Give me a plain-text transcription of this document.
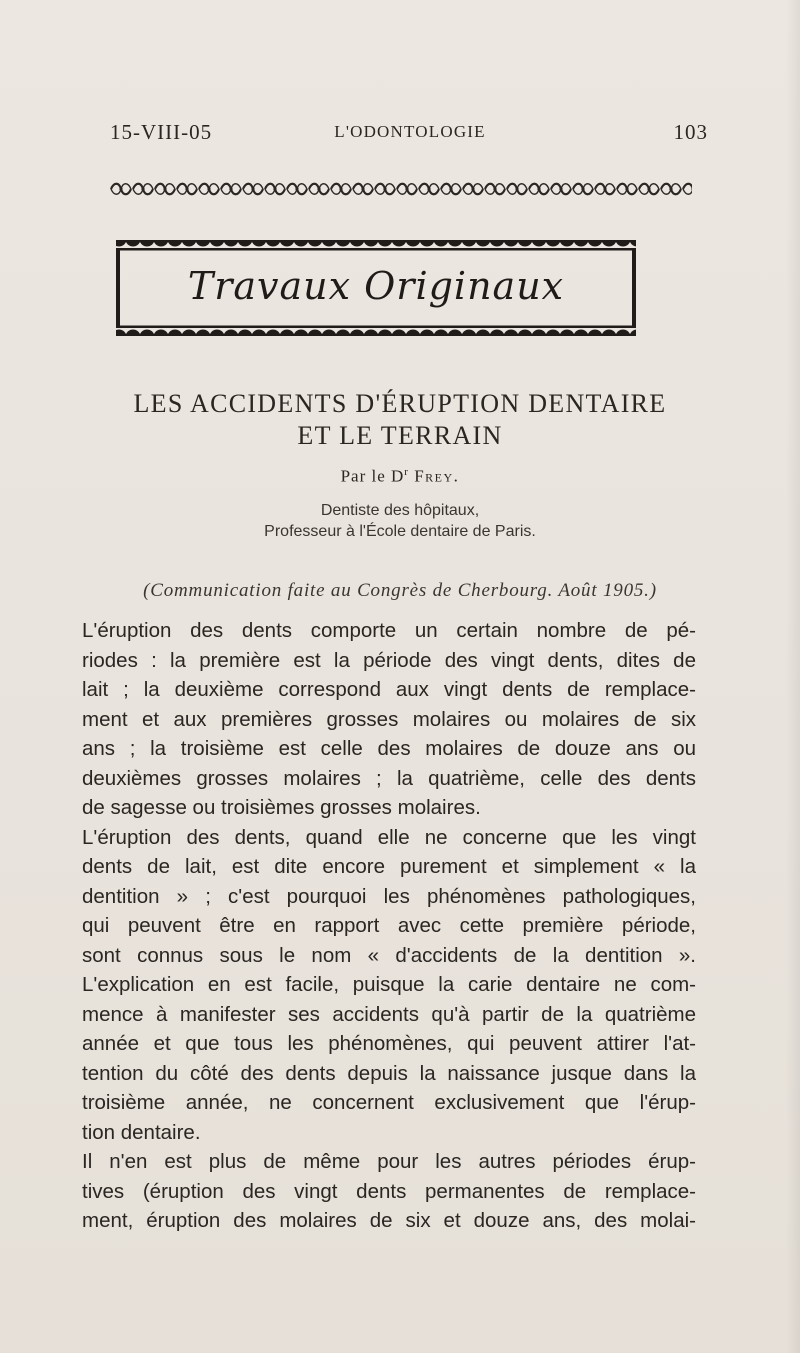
15-VIII-05	L'ODONTOLOGIE	103
Travaux Originaux
LES ACCIDENTS D'ÉRUPTION DENTAIRE
ET LE TERRAIN
Par le $D^r$ Frey.
Dentiste des hôpitaux,
Professeur à l'École dentaire de Paris.
(Communication faite au Congrès de Cherbourg. Août 1905.)
L'éruption des dents comporte un certain nombre de pé-
riodes : la première est la période des vingt dents, dites de
lait ; la deuxième correspond aux vingt dents de remplace-
ment et aux premières grosses molaires ou molaires de six
ans ; la troisième est celle des molaires de douze ans ou
deuxièmes grosses molaires ; la quatrième, celle des dents
de sagesse ou troisièmes grosses molaires.
L'éruption des dents, quand elle ne concerne que les vingt
dents de lait, est dite encore purement et simplement « la
dentition » ; c'est pourquoi les phénomènes pathologiques,
qui peuvent être en rapport avec cette première période,
sont connus sous le nom « d'accidents de la dentition ».
L'explication en est facile, puisque la carie dentaire ne com-
mence à manifester ses accidents qu'à partir de la quatrième
année et que tous les phénomènes, qui peuvent attirer l'at-
tention du côté des dents depuis la naissance jusque dans la
troisième année, ne concernent exclusivement que l'érup-
tion dentaire.
Il n'en est plus de même pour les autres périodes érup-
tives (éruption des vingt dents permanentes de remplace-
ment, éruption des molaires de six et douze ans, des molai-
